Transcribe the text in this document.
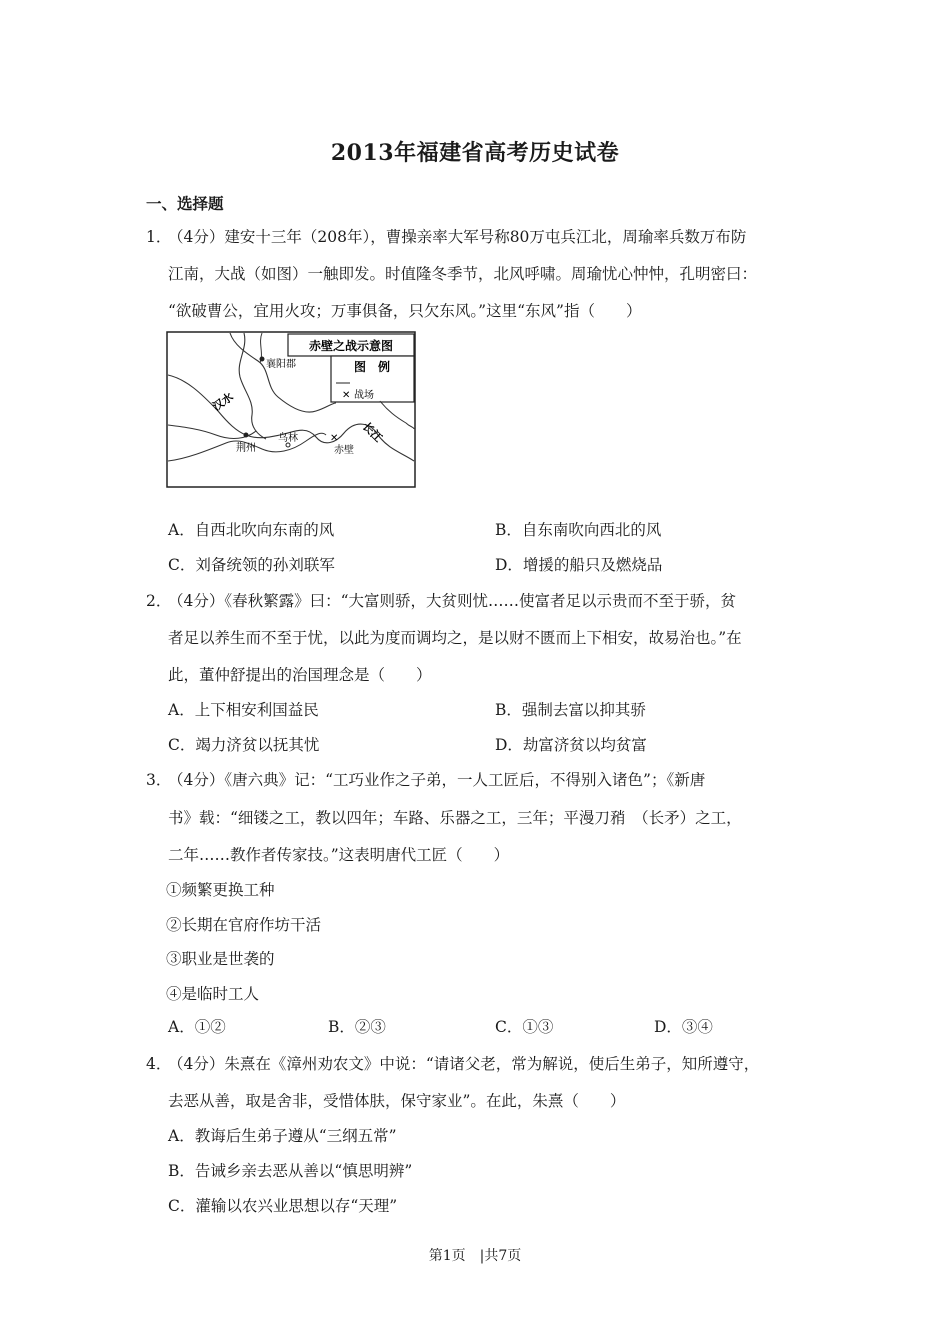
2013年福建省高考历史试卷
一、选择题
1．
（4分）建安十三年（208年），曹操亲率大军号称80万屯兵江北，周瑜率兵数万布防
江南，大战（如图）一触即发。时值隆冬季节，北风呼啸。周瑜忧心忡忡，孔明密曰：
“欲破曹公，宜用火攻；万事俱备，只欠东风。”这里“东风”指（　　）
赤壁之战示意图
图　例
✕ 战场
襄阳郡
荆州
乌林	✕
赤壁
汉水
长江
A．自西北吹向东南的风	B．自东南吹向西北的风
C．刘备统领的孙刘联军	D．增援的船只及燃烧品
2．
（4分）《春秋繁露》曰：“大富则骄，大贫则忧……使富者足以示贵而不至于骄，贫
者足以养生而不至于忧，以此为度而调均之，是以财不匮而上下相安，故易治也。”在
此，董仲舒提出的治国理念是（　　）
A．上下相安利国益民	B．强制去富以抑其骄
C．竭力济贫以抚其忧	D．劫富济贫以均贫富
3．
（4分）《唐六典》记：“工巧业作之子弟，一人工匠后，不得别入诸色”；《新唐
书》载：“细镂之工，教以四年；车路、乐器之工，三年；平漫刀矟　（长矛）之工，
二年……教作者传家技。”这表明唐代工匠（　　）
①频繁更换工种
②长期在官府作坊干活
③职业是世袭的
④是临时工人
A．①②	B．②③	C．①③	D．③④
4．
（4分）朱熹在《漳州劝农文》中说：“请诸父老，常为解说，使后生弟子，知所遵守，
去恶从善，取是舍非，受惜体肤，保守家业”。在此，朱熹（　　）
A．教诲后生弟子遵从“三纲五常”
B．告诫乡亲去恶从善以“慎思明辨”
C．灌输以农兴业思想以存“天理”
第1页　|共7页
